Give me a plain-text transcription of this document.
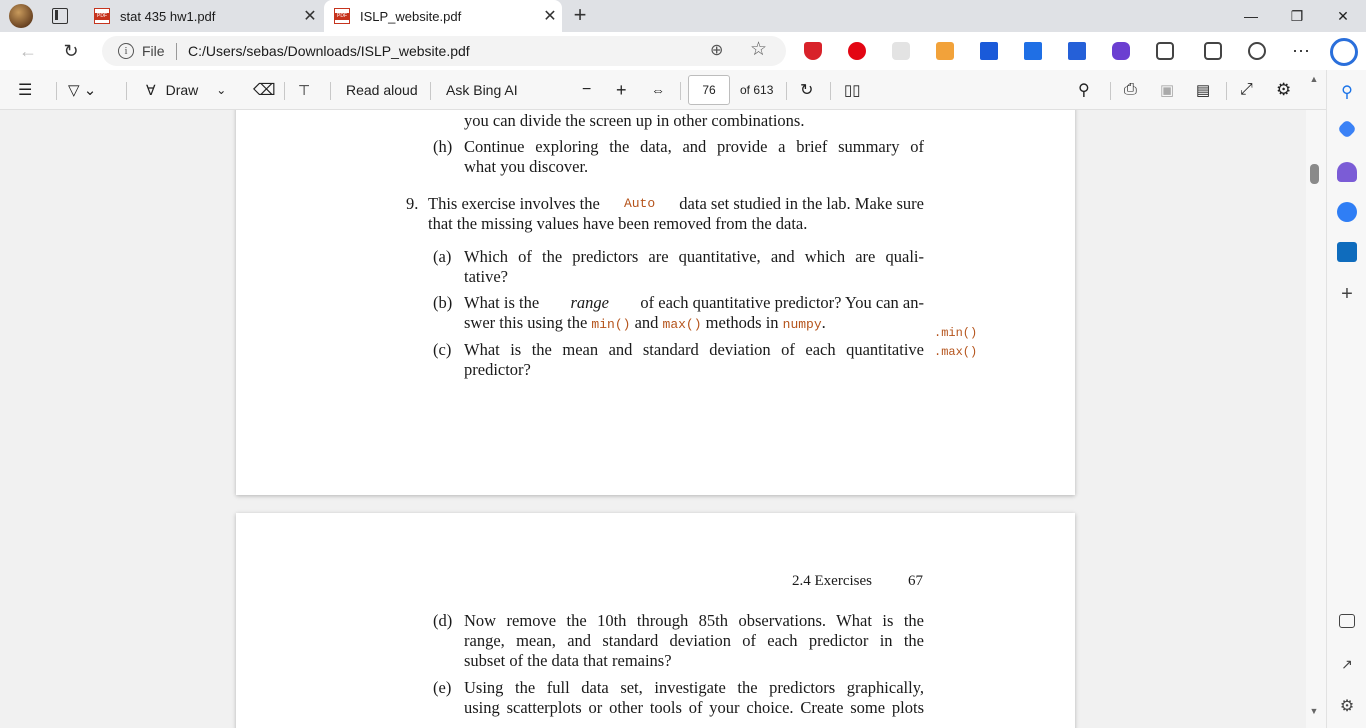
PDF
stat 435 hw1.pdf	✕
PDF	ISLP_website.pdf	✕ +	—	❐	✕
←	↻	i	File C:/Users/sebas/Downloads/ISLP_website.pdf	⊕ ☆	⋯
☰ ▽ ⌄	∀ Draw ⌄ ⌫ ⊤	Read aloud Ask Bing AI	− + ⇔	76	of 613 ↻ ▯▯	⚲ ⎙ ▣ ▤ ⤢ ⚙
you can divide the screen up in other combinations.
(h) Continue exploring the data, and provide a brief summary of
what you discover.
9. This exercise involves the Auto data set studied in the lab. Make sure
that the missing values have been removed from the data.
(a) Which of the predictors are quantitative, and which are quali-
tative?
(b) What is the range of each quantitative predictor? You can an-
swer this using the min() and max() methods in numpy.
.min()
.max()
(c) What is the mean and standard deviation of each quantitative
predictor?
2.4 Exercises 67
(d) Now remove the 10th through 85th observations. What is the
range, mean, and standard deviation of each predictor in the
subset of the data that remains?
(e) Using the full data set, investigate the predictors graphically,
using scatterplots or other tools of your choice. Create some plots
▲
▼
⚲
+
↗
⚙
